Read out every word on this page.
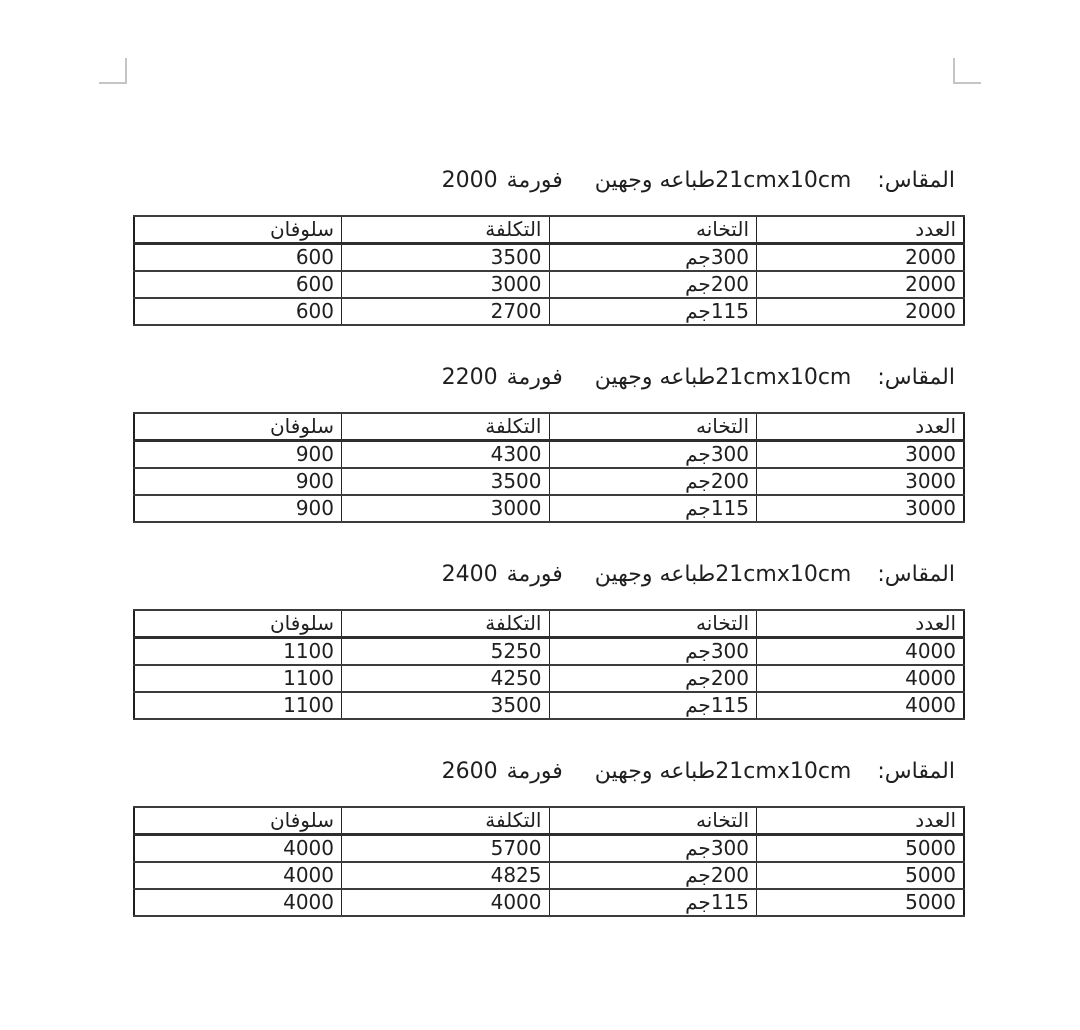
المقاس:
21cmx10cmطباعه وجهين
فورمة
2000
العدد	التخانه	التكلفة	سلوفان
2000	300جم	3500	600
2000	200جم	3000	600
2000	115جم	2700	600
المقاس:
21cmx10cmطباعه وجهين
فورمة
2200
العدد	التخانه	التكلفة	سلوفان
3000	300جم	4300	900
3000	200جم	3500	900
3000	115جم	3000	900
المقاس:
21cmx10cmطباعه وجهين
فورمة
2400
العدد	التخانه	التكلفة	سلوفان
4000	300جم	5250	1100
4000	200جم	4250	1100
4000	115جم	3500	1100
المقاس:
21cmx10cmطباعه وجهين
فورمة
2600
العدد	التخانه	التكلفة	سلوفان
5000	300جم	5700	4000
5000	200جم	4825	4000
5000	115جم	4000	4000
